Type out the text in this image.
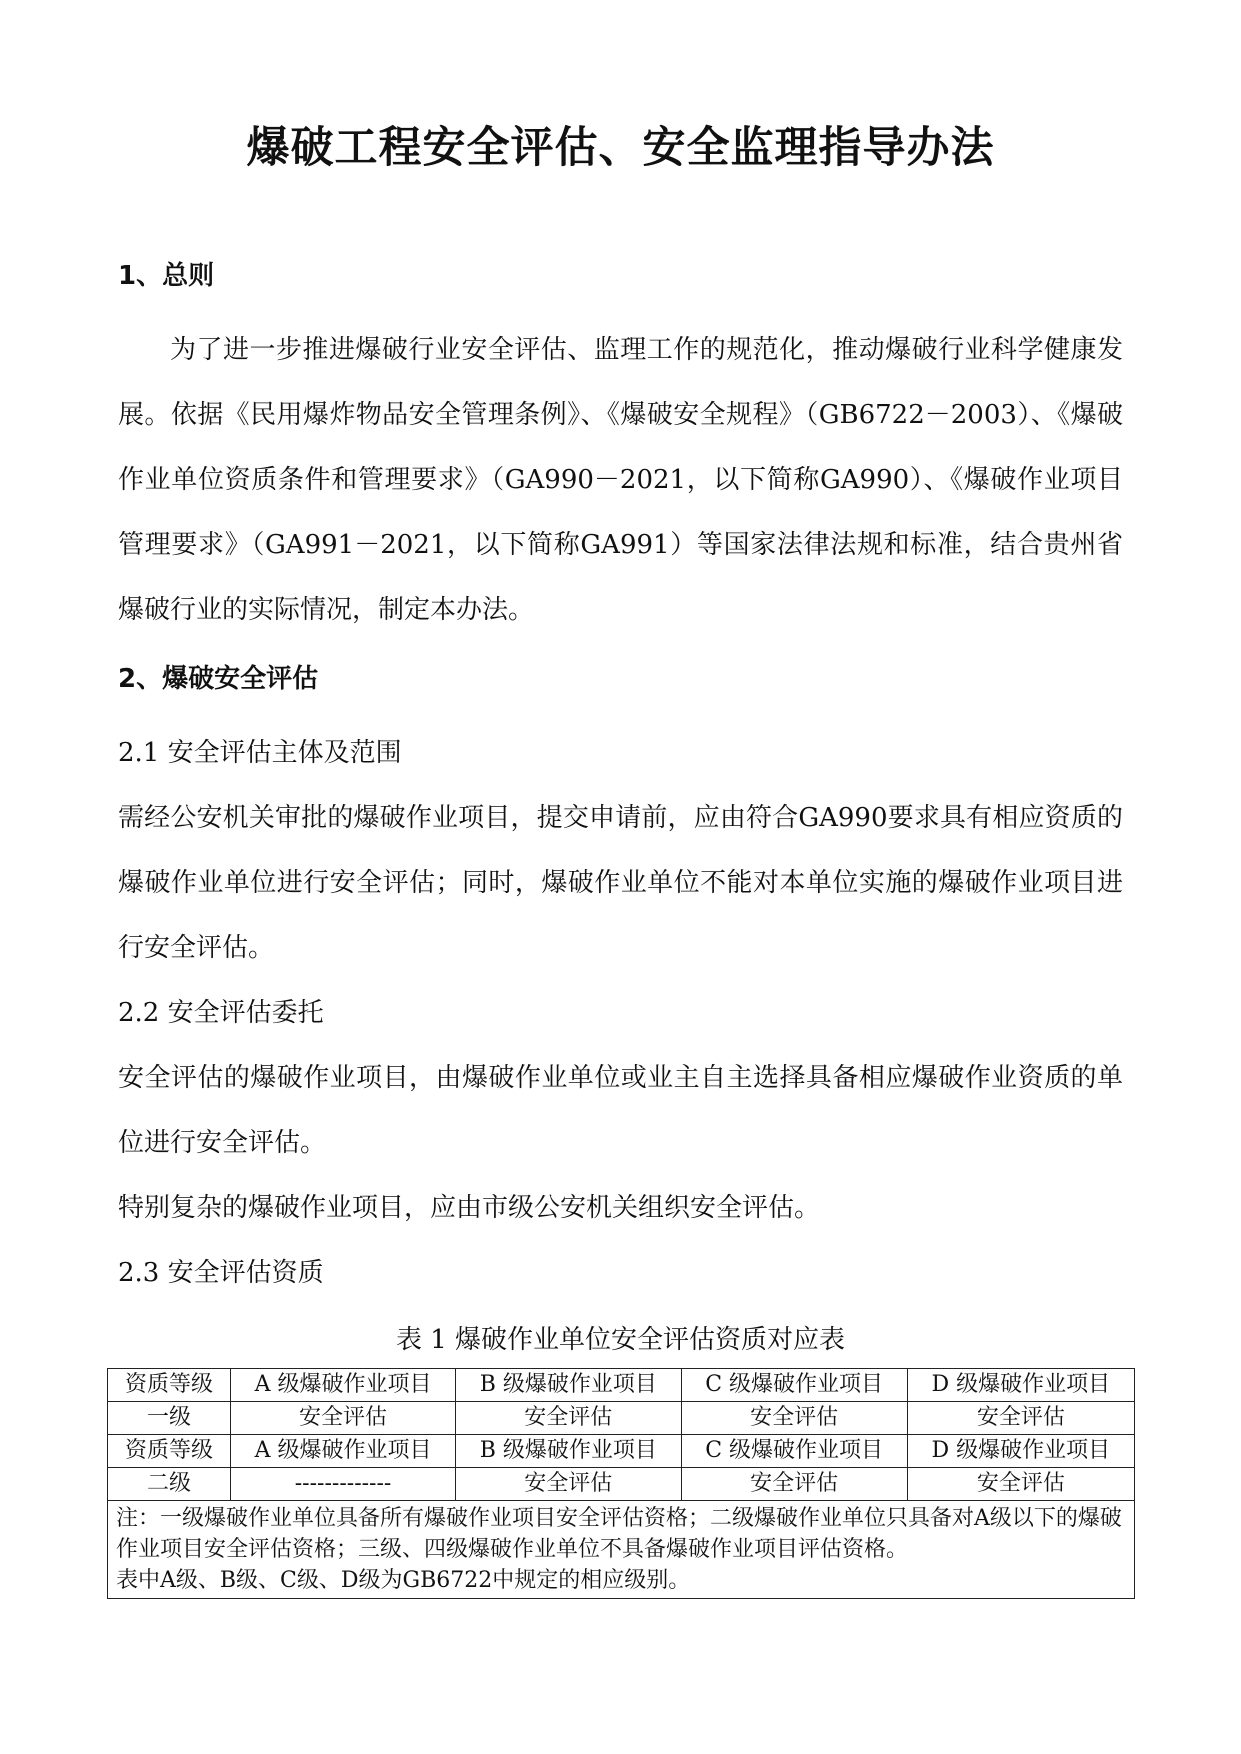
爆破工程安全评估、安全监理指导办法
1、总则

为了进一步推进爆破行业安全评估、监理工作的规范化，推动爆破行业科学健康发展。依据《民用爆炸物品安全管理条例》、《爆破安全规程》（GB6722－2003）、《爆破作业单位资质条件和管理要求》（GA990－2021，以下简称GA990）、《爆破作业项目管理要求》（GA991－2021，以下简称GA991）等国家法律法规和标准，结合贵州省爆破行业的实际情况，制定本办法。

2、爆破安全评估

2.1 安全评估主体及范围

需经公安机关审批的爆破作业项目，提交申请前，应由符合GA990要求具有相应资质的爆破作业单位进行安全评估；同时，爆破作业单位不能对本单位实施的爆破作业项目进行安全评估。

2.2 安全评估委托

安全评估的爆破作业项目，由爆破作业单位或业主自主选择具备相应爆破作业资质的单位进行安全评估。

特别复杂的爆破作业项目，应由市级公安机关组织安全评估。

2.3 安全评估资质

表 1 爆破作业单位安全评估资质对应表
资质等级	A 级爆破作业项目	B 级爆破作业项目	C 级爆破作业项目	D 级爆破作业项目
一级	安全评估	安全评估	安全评估	安全评估
资质等级	A 级爆破作业项目	B 级爆破作业项目	C 级爆破作业项目	D 级爆破作业项目
二级	-------------	安全评估	安全评估	安全评估

注：一级爆破作业单位具备所有爆破作业项目安全评估资格；二级爆破作业单位只具备对A级以下的爆破作业项目安全评估资格；三级、四级爆破作业单位不具备爆破作业项目评估资格。
表中A级、B级、C级、D级为GB6722中规定的相应级别。				
